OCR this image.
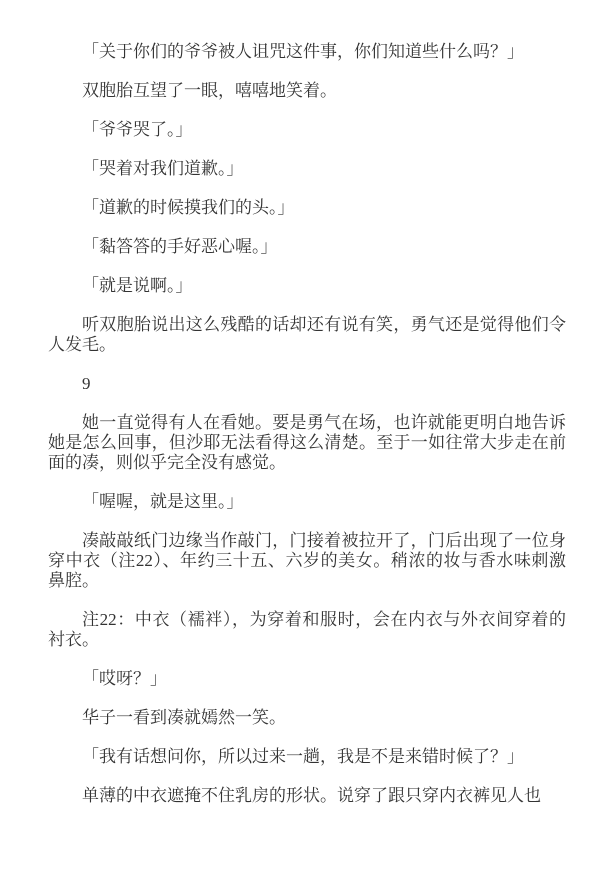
「关于你们的爷爷被人诅咒这件事，你们知道些什么吗？」

双胞胎互望了一眼，嘻嘻地笑着。

「爷爷哭了。」

「哭着对我们道歉。」

「道歉的时候摸我们的头。」

「黏答答的手好恶心喔。」

「就是说啊。」

听双胞胎说出这么残酷的话却还有说有笑，勇气还是觉得他们令人发毛。

9

她一直觉得有人在看她。要是勇气在场，也许就能更明白地告诉她是怎么回事，但沙耶无法看得这么清楚。至于一如往常大步走在前面的凑，则似乎完全没有感觉。

「喔喔，就是这里。」

凑敲敲纸门边缘当作敲门，门接着被拉开了，门后出现了一位身穿中衣（注22）、年约三十五、六岁的美女。稍浓的妆与香水味刺激鼻腔。

注22：中衣（襦袢），为穿着和服时，会在内衣与外衣间穿着的衬衣。

「哎呀？」

华子一看到凑就嫣然一笑。

「我有话想问你，所以过来一趟，我是不是来错时候了？」

单薄的中衣遮掩不住乳房的形状。说穿了跟只穿内衣裤见人也
